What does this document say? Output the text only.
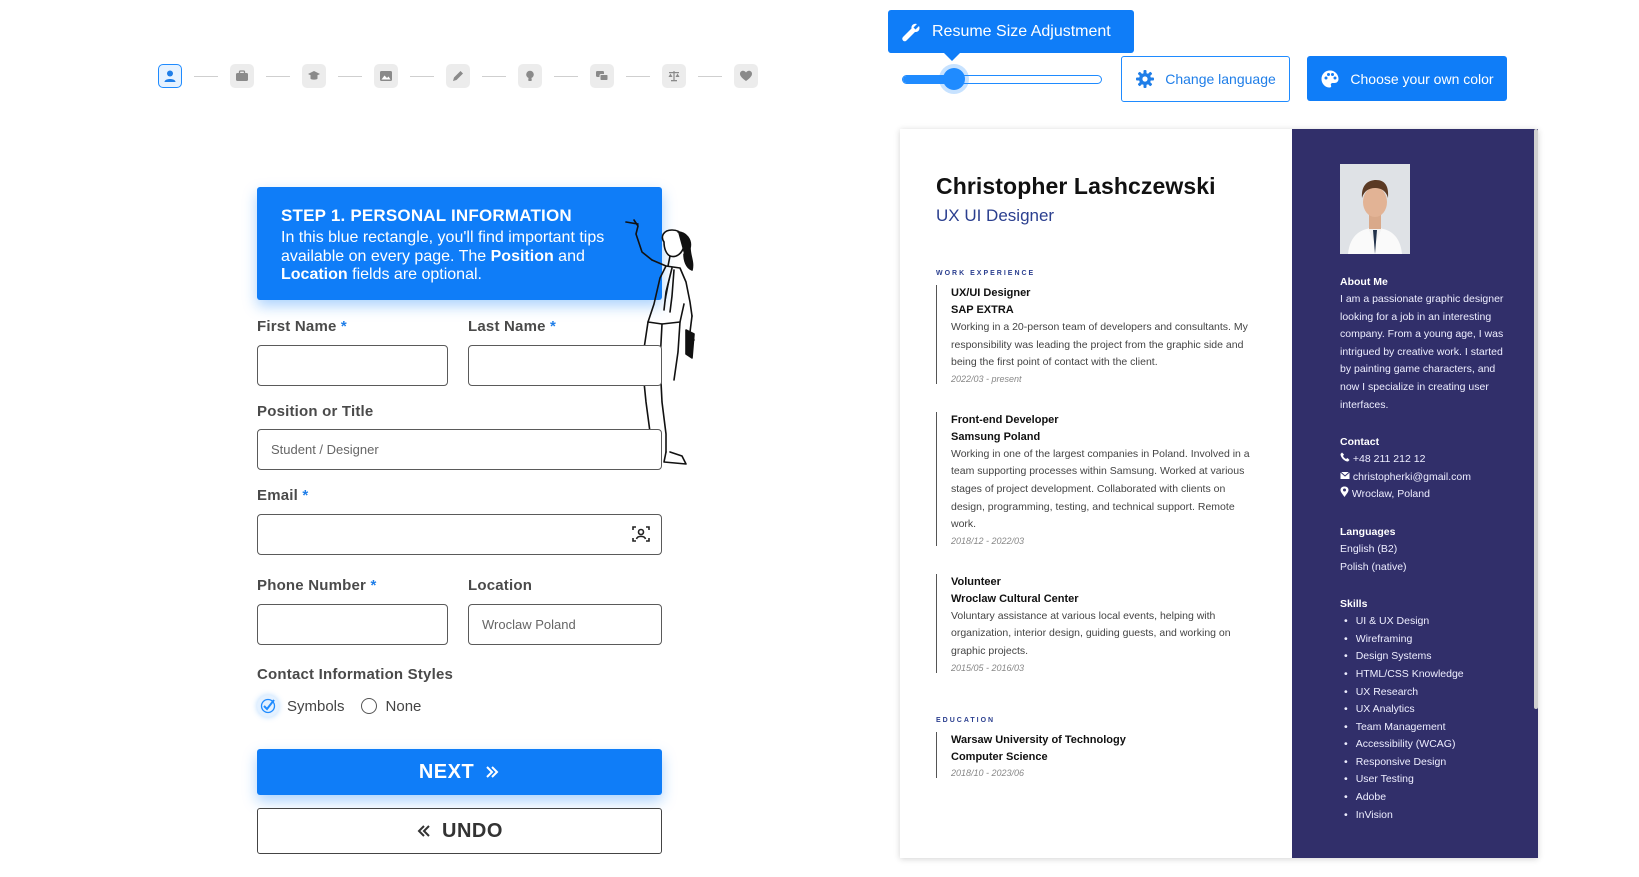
STEP 1. PERSONAL INFORMATION
In this blue rectangle, you'll find important tips available on every page. The Position and Location fields are optional.
First Name *	Last Name *
Position or Title
Student / Designer
Email *
Phone Number *	Location
Wroclaw Poland
Contact Information Styles
Symbols	None
NEXT
UNDO
Resume Size Adjustment
Change language	Choose your own color
Christopher Lashczewski
UX UI Designer
WORK EXPERIENCE
UX/UI Designer
SAP EXTRA
Working in a 20-person team of developers and consultants. My responsibility was leading the project from the graphic side and being the first point of contact with the client.
2022/03 - present
Front-end Developer
Samsung Poland
Working in one of the largest companies in Poland. Involved in a team supporting processes within Samsung. Worked at various stages of project development. Collaborated with clients on design, programming, testing, and technical support. Remote work.
2018/12 - 2022/03
Volunteer
Wroclaw Cultural Center
Voluntary assistance at various local events, helping with organization, interior design, guiding guests, and working on graphic projects.
2015/05 - 2016/03
EDUCATION
Warsaw University of Technology
Computer Science
2018/10 - 2023/06
About Me
I am a passionate graphic designer looking for a job in an interesting company. From a young age, I was intrigued by creative work. I started by painting game characters, and now I specialize in creating user interfaces.
Contact
+48 211 212 12
christopherki@gmail.com
Wroclaw, Poland
Languages
English (B2)
Polish (native)
Skills
• UI & UX Design
• Wireframing
• Design Systems
• HTML/CSS Knowledge
• UX Research
• UX Analytics
• Team Management
• Accessibility (WCAG)
• Responsive Design
• User Testing
• Adobe
• InVision
